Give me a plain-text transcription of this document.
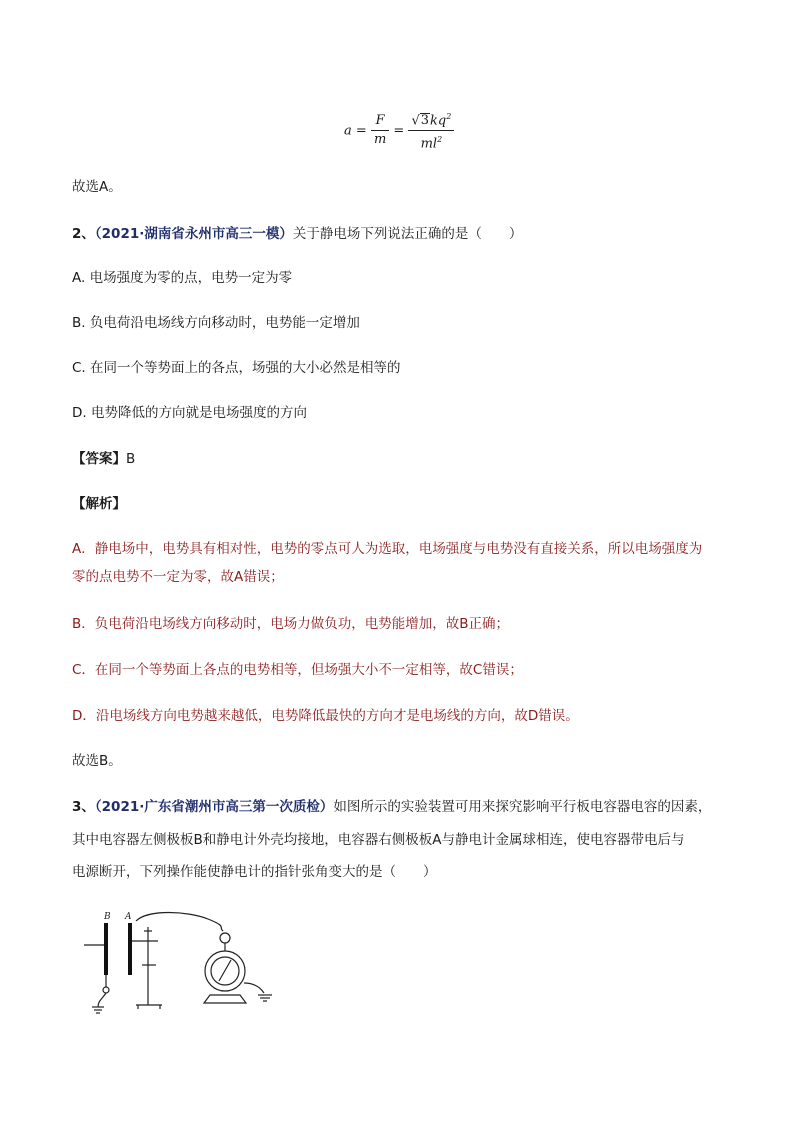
$a = \frac{F}{m} = \frac{√3kq^2}{ml^2}$
故选A。
2、（2021·湖南省永州市高三一模）关于静电场下列说法正确的是（　　）
A. 电场强度为零的点，电势一定为零
B. 负电荷沿电场线方向移动时，电势能一定增加
C. 在同一个等势面上的各点，场强的大小必然是相等的
D. 电势降低的方向就是电场强度的方向
【答案】B
【解析】
A．静电场中，电势具有相对性，电势的零点可人为选取，电场强度与电势没有直接关系，所以电场强度为
零的点电势不一定为零，故A错误；
B．负电荷沿电场线方向移动时，电场力做负功，电势能增加，故B正确；
C．在同一个等势面上各点的电势相等，但场强大小不一定相等，故C错误；
D．沿电场线方向电势越来越低，电势降低最快的方向才是电场线的方向，故D错误。
故选B。
3、（2021·广东省潮州市高三第一次质检）如图所示的实验装置可用来探究影响平行板电容器电容的因素，
其中电容器左侧极板B和静电计外壳均接地，电容器右侧极板A与静电计金属球相连，使电容器带电后与
电源断开，下列操作能使静电计的指针张角变大的是（　　）
B A
